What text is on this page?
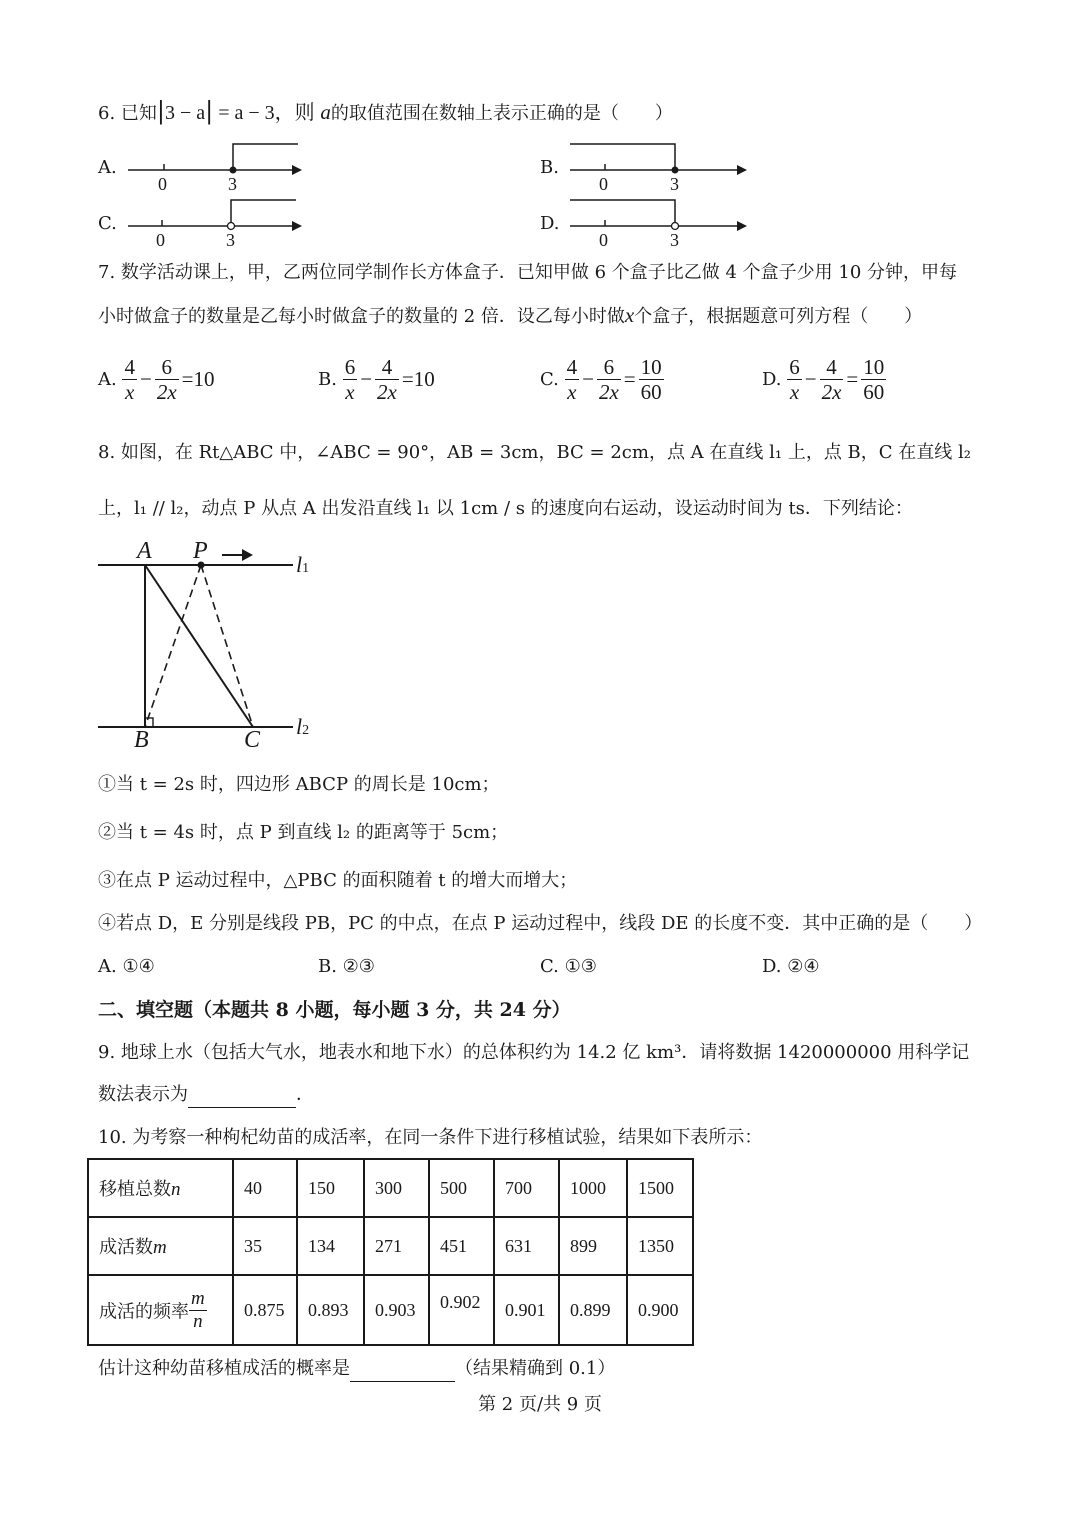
6. 已知|3 − a| = a − 3，则 a的取值范围在数轴上表示正确的是（　　）
A.
0	3
B.
0	3
C.
0	3
D.
0	3
7. 数学活动课上，甲，乙两位同学制作长方体盒子．已知甲做 6 个盒子比乙做 4 个盒子少用 10 分钟，甲每
小时做盒子的数量是乙每小时做盒子的数量的 2 倍．设乙每小时做x个盒子，根据题意可列方程（　　）
A. $\frac{4}{x} - \frac{6}{2x} =10$	B. $\frac{6}{x} - \frac{4}{2x} =10$	C. $\frac{4}{x} - \frac{6}{2x} = \frac{10}{60}$	D. $\frac{6}{x} - \frac{4}{2x} = \frac{10}{60}$
8. 如图，在 Rt△ABC 中，∠ABC = 90°，AB = 3cm，BC = 2cm，点 A 在直线 l₁ 上，点 B，C 在直线 l₂
上，l₁ // l₂，动点 P 从点 A 出发沿直线 l₁ 以 1cm / s 的速度向右运动，设运动时间为 ts．下列结论：
A P
B	C
l1
l2
①当 t = 2s 时，四边形 ABCP 的周长是 10cm；
②当 t = 4s 时，点 P 到直线 l₂ 的距离等于 5cm；
③在点 P 运动过程中，△PBC 的面积随着 t 的增大而增大；
④若点 D，E 分别是线段 PB，PC 的中点，在点 P 运动过程中，线段 DE 的长度不变．其中正确的是（　　）
A. ①④	B. ②③	C. ①③	D. ②④
二、填空题（本题共 8 小题，每小题 3 分，共 24 分）
9. 地球上水（包括大气水，地表水和地下水）的总体积约为 14.2 亿 km³．请将数据 1420000000 用科学记
数法表示为	．
10. 为考察一种枸杞幼苗的成活率，在同一条件下进行移植试验，结果如下表所示：
移植总数n	40	150	300	500	700	1000	1500
成活数m	35	134	271	451	631	899	1350
成活的频率 $\frac{m}{n}$	0.875	0.893	0.903	0.902	0.901	0.899	0.900
估计这种幼苗移植成活的概率是	（结果精确到 0.1）
第 2 页/共 9 页
